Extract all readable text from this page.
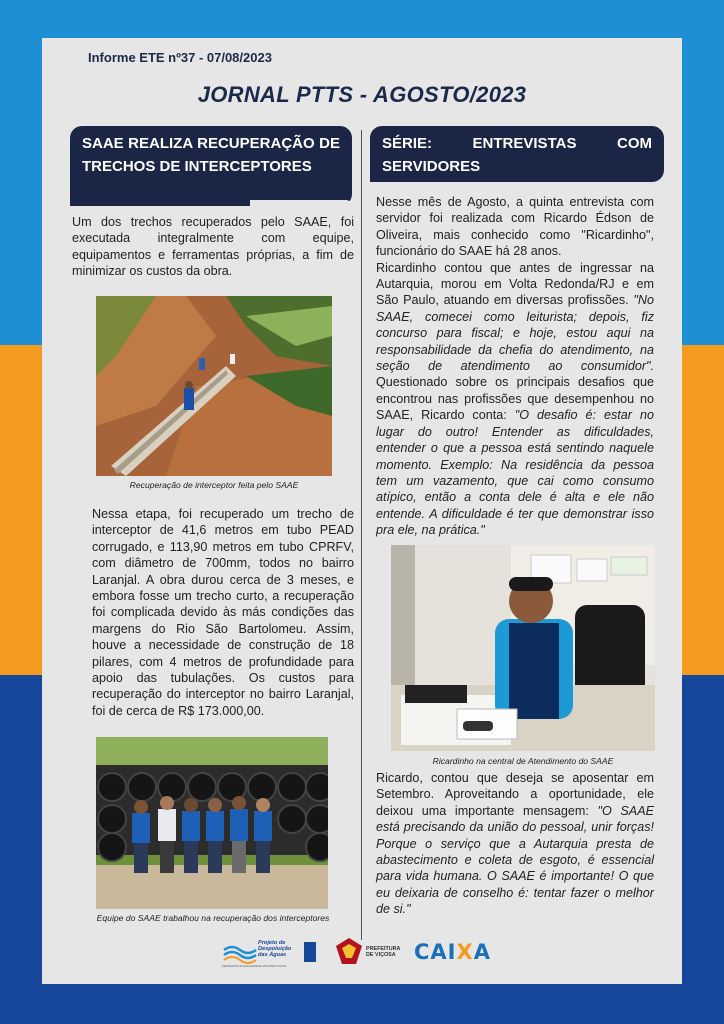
Informe ETE nº37 - 07/08/2023
JORNAL PTTS - AGOSTO/2023
SAAE REALIZA RECUPERAÇÃO DE TRECHOS DE INTERCEPTORES

Um dos trechos recuperados pelo SAAE, foi executada integralmente com equipe, equipamentos e ferramentas próprias, a fim de minimizar os custos da obra.

Recuperação de interceptor feita pelo SAAE

Nessa etapa, foi recuperado um trecho de interceptor de 41,6 metros em tubo PEAD corrugado, e 113,90 metros em tubo CPRFV, com diâmetro de 700mm, todos no bairro Laranjal. A obra durou cerca de 3 meses, e embora fosse um trecho curto, a recuperação foi complicada devido às más condições das margens do Rio São Bartolomeu. Assim, houve a necessidade de construção de 18 pilares, com 4 metros de profundidade para apoio das tubulações. Os custos para recuperação do interceptor no bairro Laranjal, foi de cerca de R$ 173.000,00.

Equipe do SAAE trabalhou na recuperação dos interceptores
SÉRIE: ENTREVISTAS COM SERVIDORES
Nesse mês de Agosto, a quinta entrevista com servidor foi realizada com Ricardo Édson de Oliveira, mais conhecido como "Ricardinho", funcionário do SAAE há 28 anos.
Ricardinho contou que antes de ingressar na Autarquia, morou em Volta Redonda/RJ e em São Paulo, atuando em diversas profissões. "No SAAE, comecei como leiturista; depois, fiz concurso para fiscal; e hoje, estou aqui na responsabilidade da chefia do atendimento, na seção de atendimento ao consumidor". Questionado sobre os principais desafios que encontrou nas profissões que desempenhou no SAAE, Ricardo conta: "O desafio é: estar no lugar do outro! Entender as dificuldades, entender o que a pessoa está sentindo naquele momento. Exemplo: Na residência da pessoa tem um vazamento, que cai como consumo atípico, então a conta dele é alta e ele não entende. A dificuldade é ter que demonstrar isso pra ele, na prática."
Ricardinho na central de Atendimento do SAAE
Ricardo, contou que deseja se aposentar em Setembro. Aproveitando a oportunidade, ele deixou uma importante mensagem: "O SAAE está precisando da união do pessoal, unir forças! Porque o serviço que a Autarquia presta de abastecimento e coleta de esgoto, é essencial para vida humana. O SAAE é importante! O que eu deixaria de conselho é: tentar fazer o melhor de si."
Projeto de Despoluição das Águas
SEM ESGOTO É QUALIDADE DE VIDA PARA VIÇOSA
PREFEITURA DE VIÇOSA CAIXA
